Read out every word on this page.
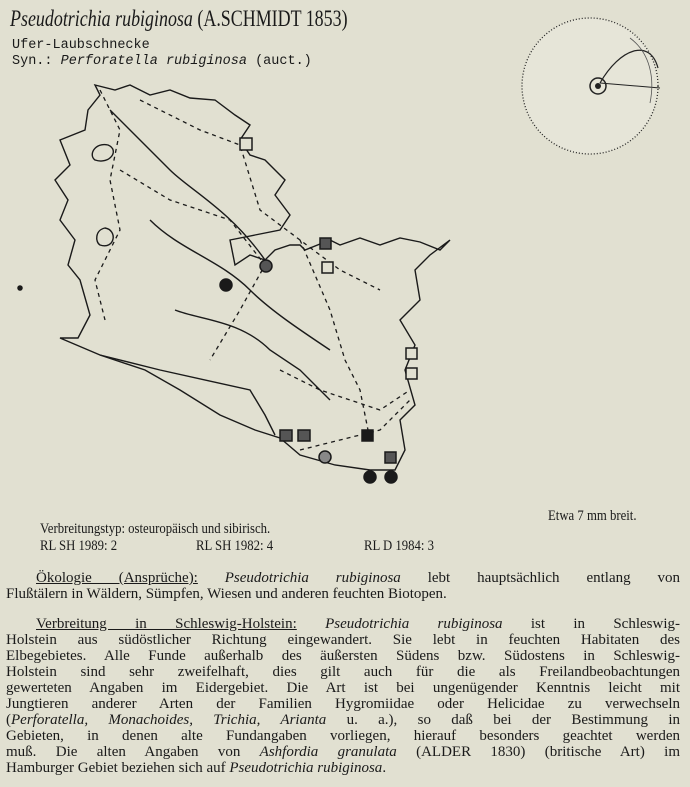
Pseudotrichia rubiginosa (A.SCHMIDT 1853)
Ufer-Laubschnecke
Syn.: Perforatella rubiginosa (auct.)
Etwa 7 mm breit.
Verbreitungstyp: osteuropäisch und sibirisch.
RL SH 1989: 2	RL SH 1982: 4	RL D 1984: 3
Ökologie (Ansprüche): Pseudotrichia rubiginosa lebt hauptsächlich entlang von
Flußtälern in Wäldern, Sümpfen, Wiesen und anderen feuchten Biotopen.
Verbreitung in Schleswig-Holstein: Pseudotrichia rubiginosa ist in Schleswig-
Holstein aus südöstlicher Richtung eingewandert. Sie lebt in feuchten Habitaten des
Elbegebietes. Alle Funde außerhalb des äußersten Südens bzw. Südostens in Schleswig-
Holstein sind sehr zweifelhaft, dies gilt auch für die als Freilandbeobachtungen
gewerteten Angaben im Eidergebiet. Die Art ist bei ungenügender Kenntnis leicht mit
Jungtieren anderer Arten der Familien Hygromiidae oder Helicidae zu verwechseln
(Perforatella, Monachoides, Trichia, Arianta u. a.), so daß bei der Bestimmung in
Gebieten, in denen alte Fundangaben vorliegen, hierauf besonders geachtet werden
muß. Die alten Angaben von Ashfordia granulata (ALDER 1830) (britische Art) im
Hamburger Gebiet beziehen sich auf Pseudotrichia rubiginosa.
